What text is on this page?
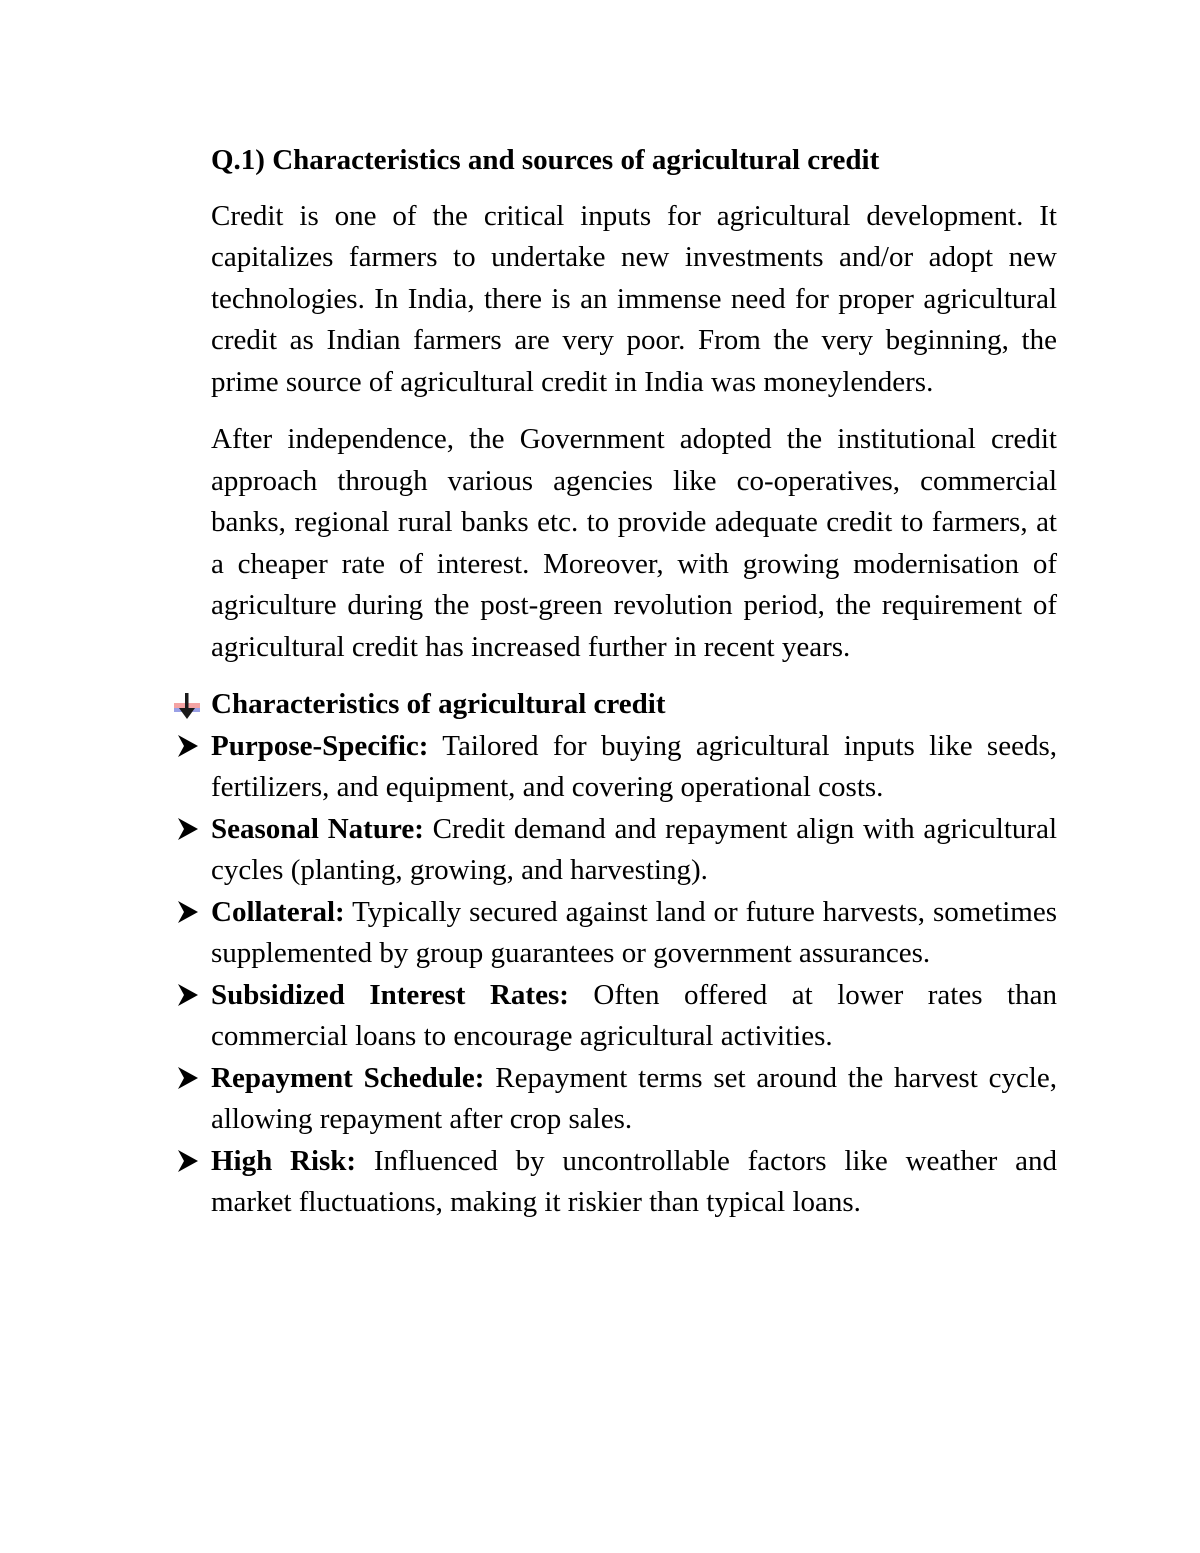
Q.1) Characteristics and sources of agricultural credit

Credit is one of the critical inputs for agricultural development. It capitalizes farmers to undertake new investments and/or adopt new technologies. In India, there is an immense need for proper agricultural credit as Indian farmers are very poor. From the very beginning, the prime source of agricultural credit in India was moneylenders.

After independence, the Government adopted the institutional credit approach through various agencies like co-operatives, commercial banks, regional rural banks etc. to provide adequate credit to farmers, at a cheaper rate of interest. Moreover, with growing modernisation of agriculture during the post-green revolution period, the requirement of agricultural credit has increased further in recent years.

Characteristics of agricultural credit
Purpose-Specific: Tailored for buying agricultural inputs like seeds, fertilizers, and equipment, and covering operational costs.
Seasonal Nature: Credit demand and repayment align with agricultural cycles (planting, growing, and harvesting).
Collateral: Typically secured against land or future harvests, sometimes supplemented by group guarantees or government assurances.
Subsidized Interest Rates: Often offered at lower rates than commercial loans to encourage agricultural activities.
Repayment Schedule: Repayment terms set around the harvest cycle, allowing repayment after crop sales.
High Risk: Influenced by uncontrollable factors like weather and market fluctuations, making it riskier than typical loans.
